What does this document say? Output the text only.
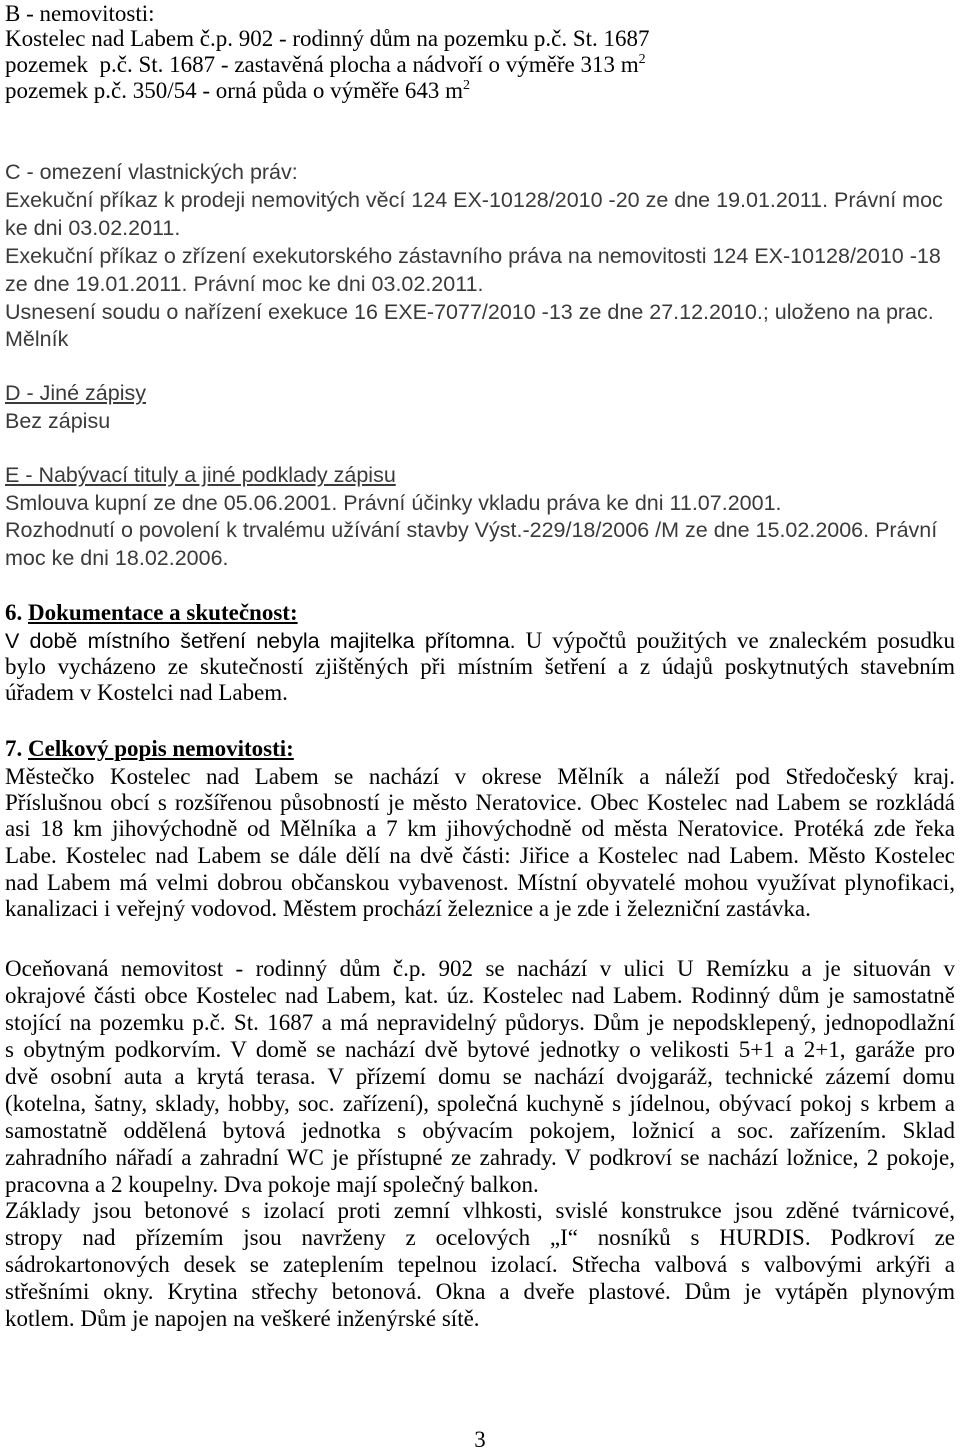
B - nemovitosti:
Kostelec nad Labem č.p. 902 - rodinný dům na pozemku p.č. St. 1687
pozemek  p.č. St. 1687 - zastavěná plocha a nádvoří o výměře 313 $m^2$
pozemek p.č. 350/54 - orná půda o výměře 643 $m^2$
C - omezení vlastnických práv:
Exekuční příkaz k prodeji nemovitých věcí 124 EX-10128/2010 -20 ze dne 19.01.2011. Právní moc
ke dni 03.02.2011.
Exekuční příkaz o zřízení exekutorského zástavního práva na nemovitosti 124 EX-10128/2010 -18
ze dne 19.01.2011. Právní moc ke dni 03.02.2011.
Usnesení soudu o nařízení exekuce 16 EXE-7077/2010 -13 ze dne 27.12.2010.; uloženo na prac.
Mělník
D - Jiné zápisy
Bez zápisu
E - Nabývací tituly a jiné podklady zápisu
Smlouva kupní ze dne 05.06.2001. Právní účinky vkladu práva ke dni 11.07.2001.
Rozhodnutí o povolení k trvalému užívání stavby Výst.-229/18/2006 /M ze dne 15.02.2006. Právní
moc ke dni 18.02.2006.
6. Dokumentace a skutečnost:
V době místního šetření nebyla majitelka přítomna. U výpočtů použitých ve znaleckém posudku
bylo vycházeno ze skutečností zjištěných při místním šetření a z údajů poskytnutých stavebním
úřadem v Kostelci nad Labem.
7. Celkový popis nemovitosti:
Městečko Kostelec nad Labem se nachází v okrese Mělník a náleží pod Středočeský kraj.
Příslušnou obcí s rozšířenou působností je město Neratovice. Obec Kostelec nad Labem se rozkládá
asi 18 km jihovýchodně od Mělníka a 7 km jihovýchodně od města Neratovice. Protéká zde řeka
Labe. Kostelec nad Labem se dále dělí na dvě části: Jiřice a Kostelec nad Labem. Město Kostelec
nad Labem má velmi dobrou občanskou vybavenost. Místní obyvatelé mohou využívat plynofikaci,
kanalizaci i veřejný vodovod. Městem prochází železnice a je zde i železniční zastávka.
Oceňovaná nemovitost - rodinný dům č.p. 902 se nachází v ulici U Remízku a je situován v
okrajové části obce Kostelec nad Labem, kat. úz. Kostelec nad Labem. Rodinný dům je samostatně
stojící na pozemku p.č. St. 1687 a má nepravidelný půdorys. Dům je nepodsklepený, jednopodlažní
s obytným podkorvím. V domě se nachází dvě bytové jednotky o velikosti 5+1 a 2+1, garáže pro
dvě osobní auta a krytá terasa. V přízemí domu se nachází dvojgaráž, technické zázemí domu
(kotelna, šatny, sklady, hobby, soc. zařízení), společná kuchyně s jídelnou, obývací pokoj s krbem a
samostatně oddělená bytová jednotka s obývacím pokojem, ložnicí a soc. zařízením. Sklad
zahradního nářadí a zahradní WC je přístupné ze zahrady. V podkroví se nachází ložnice, 2 pokoje,
pracovna a 2 koupelny. Dva pokoje mají společný balkon.
Základy jsou betonové s izolací proti zemní vlhkosti, svislé konstrukce jsou zděné tvárnicové,
stropy nad přízemím jsou navrženy z ocelových „I“ nosníků s HURDIS. Podkroví ze
sádrokartonových desek se zateplením tepelnou izolací. Střecha valbová s valbovými arkýři a
střešními okny. Krytina střechy betonová. Okna a dveře plastové. Dům je vytápěn plynovým
kotlem. Dům je napojen na veškeré inženýrské sítě.
3
